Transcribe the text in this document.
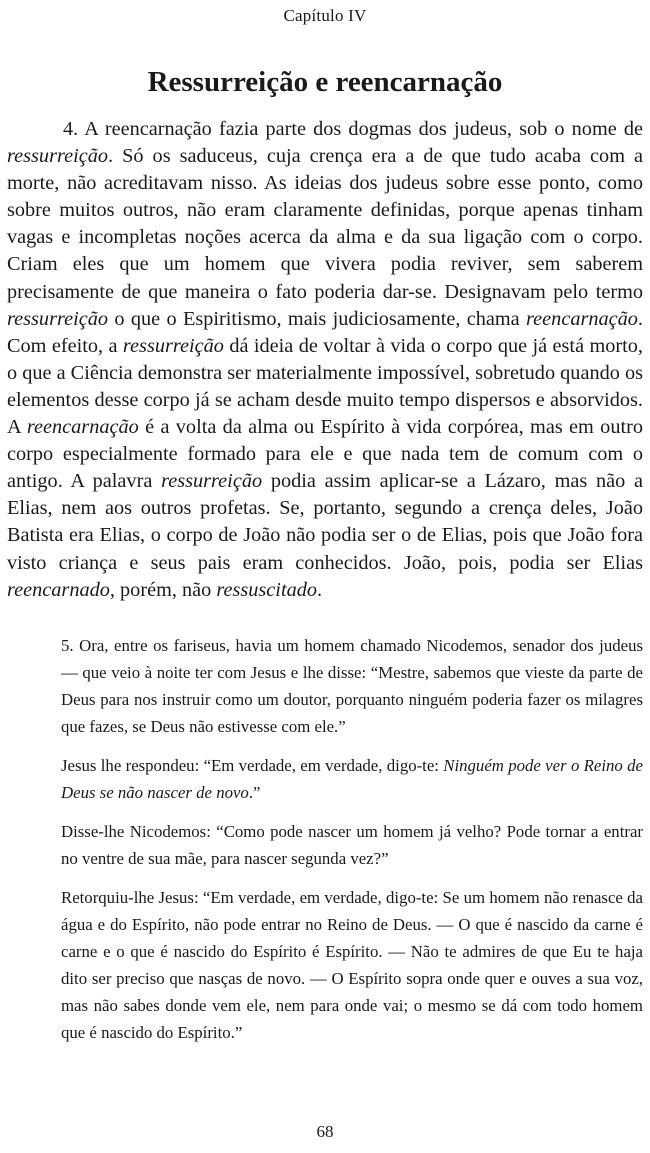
Capítulo IV
Ressurreição e reencarnação

4. A reencarnação fazia parte dos dogmas dos judeus, sob o nome de ressurreição. Só os saduceus, cuja crença era a de que tudo acaba com a morte, não acreditavam nisso. As ideias dos judeus sobre esse ponto, como sobre muitos outros, não eram claramente definidas, porque apenas tinham vagas e incompletas noções acerca da alma e da sua ligação com o corpo. Criam eles que um homem que vivera podia reviver, sem saberem precisamente de que maneira o fato poderia dar-se. Designavam pelo termo ressurreição o que o Espiritismo, mais judiciosamente, chama reencarnação. Com efeito, a ressurreição dá ideia de voltar à vida o corpo que já está morto, o que a Ciência demonstra ser materialmente impossível, sobretudo quando os elementos desse corpo já se acham desde muito tempo dispersos e absorvidos. A reencarnação é a volta da alma ou Espírito à vida corpórea, mas em outro corpo especialmente formado para ele e que nada tem de comum com o antigo. A palavra ressurreição podia assim aplicar-se a Lázaro, mas não a Elias, nem aos outros profetas. Se, portanto, segundo a crença deles, João Batista era Elias, o corpo de João não podia ser o de Elias, pois que João fora visto criança e seus pais eram conhecidos. João, pois, podia ser Elias reencarnado, porém, não ressuscitado.

5. Ora, entre os fariseus, havia um homem chamado Nicodemos, senador dos judeus — que veio à noite ter com Jesus e lhe disse: “Mestre, sabemos que vieste da parte de Deus para nos instruir como um doutor, porquanto ninguém poderia fazer os milagres que fazes, se Deus não estivesse com ele.”

Jesus lhe respondeu: “Em verdade, em verdade, digo-te: Ninguém pode ver o Reino de Deus se não nascer de novo.”

Disse-lhe Nicodemos: “Como pode nascer um homem já velho? Pode tornar a entrar no ventre de sua mãe, para nascer segunda vez?”

Retorquiu-lhe Jesus: “Em verdade, em verdade, digo-te: Se um homem não renasce da água e do Espírito, não pode entrar no Reino de Deus. — O que é nascido da carne é carne e o que é nascido do Espírito é Espírito. — Não te admires de que Eu te haja dito ser preciso que nasças de novo. — O Espírito sopra onde quer e ouves a sua voz, mas não sabes donde vem ele, nem para onde vai; o mesmo se dá com todo homem que é nascido do Espírito.”

68
